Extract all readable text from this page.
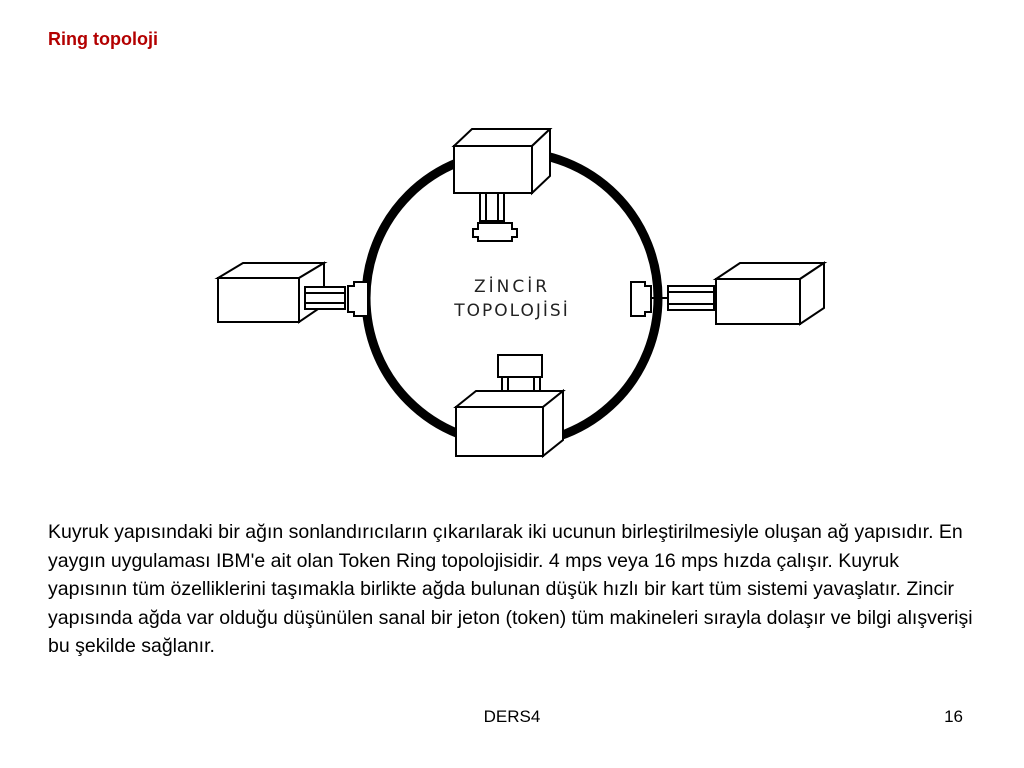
Ring topoloji
ZİNCİR
TOPOLOJİSİ
Kuyruk yapısındaki bir ağın sonlandırıcıların çıkarılarak iki ucunun birleştirilmesiyle oluşan ağ yapısıdır. En yaygın uygulaması IBM'e ait olan Token Ring topolojisidir. 4 mps veya 16 mps hızda çalışır. Kuyruk yapısının tüm özelliklerini taşımakla birlikte ağda bulunan düşük hızlı bir kart tüm sistemi yavaşlatır. Zincir yapısında ağda var olduğu düşünülen sanal bir jeton (token) tüm makineleri sırayla dolaşır ve bilgi alışverişi bu şekilde sağlanır.
DERS4	16
